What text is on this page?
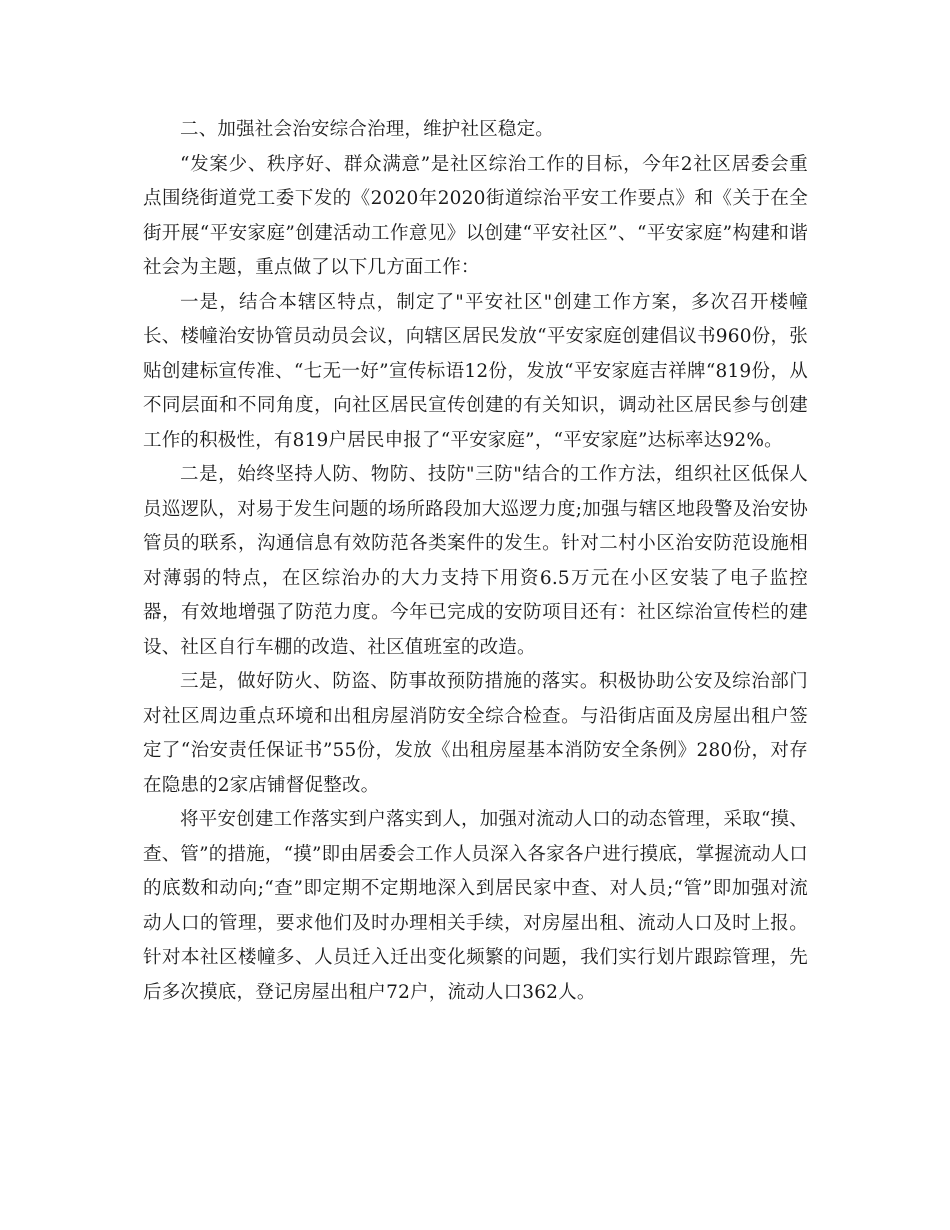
二、加强社会治安综合治理，维护社区稳定。

“发案少、秩序好、群众满意”是社区综治工作的目标，今年2社区居委会重点围绕街道党工委下发的《2020年2020街道综治平安工作要点》和《关于在全街开展“平安家庭”创建活动工作意见》以创建“平安社区”、“平安家庭”构建和谐社会为主题，重点做了以下几方面工作：

一是，结合本辖区特点，制定了"平安社区"创建工作方案，多次召开楼幢长、楼幢治安协管员动员会议，向辖区居民发放“平安家庭创建倡议书960份，张贴创建标宣传准、“七无一好”宣传标语12份，发放“平安家庭吉祥牌“819份，从不同层面和不同角度，向社区居民宣传创建的有关知识，调动社区居民参与创建工作的积极性，有819户居民申报了“平安家庭”，“平安家庭”达标率达92%。

二是，始终坚持人防、物防、技防"三防"结合的工作方法，组织社区低保人员巡逻队，对易于发生问题的场所路段加大巡逻力度;加强与辖区地段警及治安协管员的联系，沟通信息有效防范各类案件的发生。针对二村小区治安防范设施相对薄弱的特点，在区综治办的大力支持下用资6.5万元在小区安装了电子监控器，有效地增强了防范力度。今年已完成的安防项目还有：社区综治宣传栏的建设、社区自行车棚的改造、社区值班室的改造。

三是，做好防火、防盗、防事故预防措施的落实。积极协助公安及综治部门对社区周边重点环境和出租房屋消防安全综合检查。与沿街店面及房屋出租户签定了“治安责任保证书”55份，发放《出租房屋基本消防安全条例》280份，对存在隐患的2家店铺督促整改。

将平安创建工作落实到户落实到人，加强对流动人口的动态管理，采取“摸、查、管”的措施，“摸”即由居委会工作人员深入各家各户进行摸底，掌握流动人口的底数和动向;“查”即定期不定期地深入到居民家中查、对人员;“管”即加强对流动人口的管理，要求他们及时办理相关手续，对房屋出租、流动人口及时上报。针对本社区楼幢多、人员迁入迁出变化频繁的问题，我们实行划片跟踪管理，先后多次摸底，登记房屋出租户72户，流动人口362人。
